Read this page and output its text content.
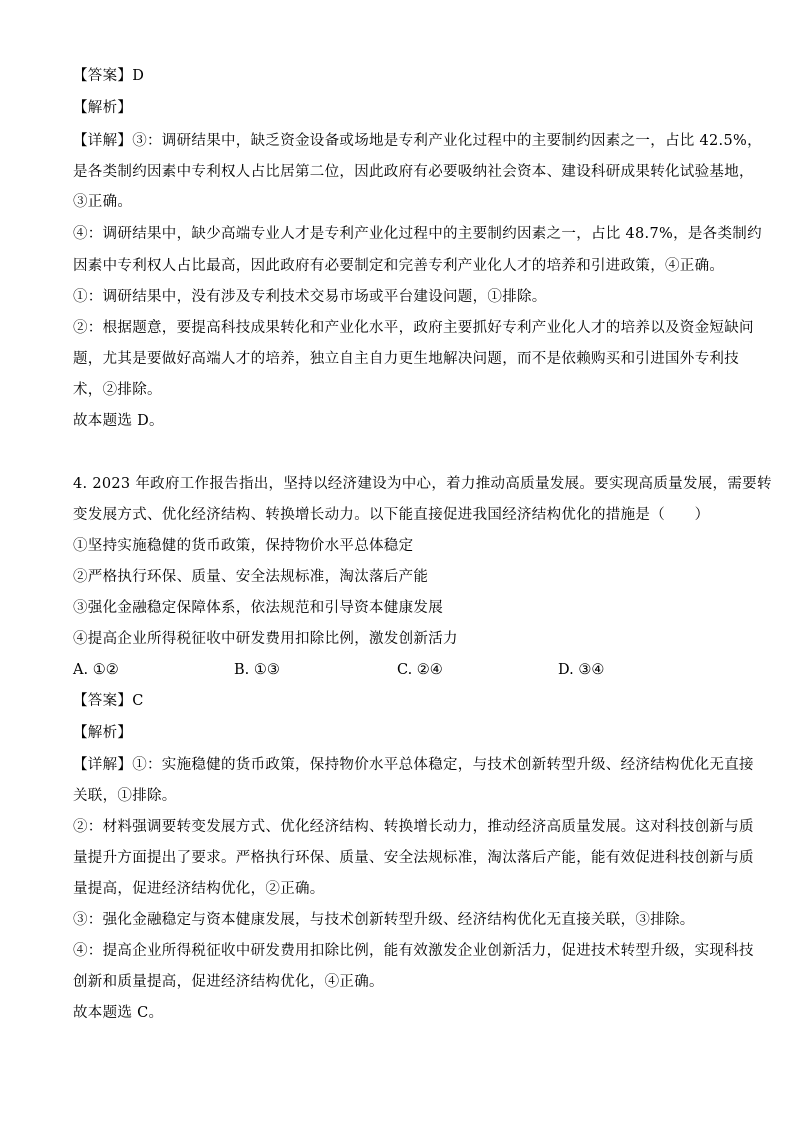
【答案】D
【解析】
【详解】③：调研结果中，缺乏资金设备或场地是专利产业化过程中的主要制约因素之一，占比 42.5%，
是各类制约因素中专利权人占比居第二位，因此政府有必要吸纳社会资本、建设科研成果转化试验基地，
③正确。
④：调研结果中，缺少高端专业人才是专利产业化过程中的主要制约因素之一，占比 48.7%，是各类制约
因素中专利权人占比最高，因此政府有必要制定和完善专利产业化人才的培养和引进政策，④正确。
①：调研结果中，没有涉及专利技术交易市场或平台建设问题，①排除。
②：根据题意，要提高科技成果转化和产业化水平，政府主要抓好专利产业化人才的培养以及资金短缺问
题，尤其是要做好高端人才的培养，独立自主自力更生地解决问题，而不是依赖购买和引进国外专利技
术，②排除。
故本题选 D。
4. 2023 年政府工作报告指出，坚持以经济建设为中心，着力推动高质量发展。要实现高质量发展，需要转
变发展方式、优化经济结构、转换增长动力。以下能直接促进我国经济结构优化的措施是（　　）
①坚持实施稳健的货币政策，保持物价水平总体稳定
②严格执行环保、质量、安全法规标准，淘汰落后产能
③强化金融稳定保障体系，依法规范和引导资本健康发展
④提高企业所得税征收中研发费用扣除比例，激发创新活力
A. ①②	B. ①③	C. ②④	D. ③④
【答案】C
【解析】
【详解】①：实施稳健的货币政策，保持物价水平总体稳定，与技术创新转型升级、经济结构优化无直接
关联，①排除。
②：材料强调要转变发展方式、优化经济结构、转换增长动力，推动经济高质量发展。这对科技创新与质
量提升方面提出了要求。严格执行环保、质量、安全法规标准，淘汰落后产能，能有效促进科技创新与质
量提高，促进经济结构优化，②正确。
③：强化金融稳定与资本健康发展，与技术创新转型升级、经济结构优化无直接关联，③排除。
④：提高企业所得税征收中研发费用扣除比例，能有效激发企业创新活力，促进技术转型升级，实现科技
创新和质量提高，促进经济结构优化，④正确。
故本题选 C。
